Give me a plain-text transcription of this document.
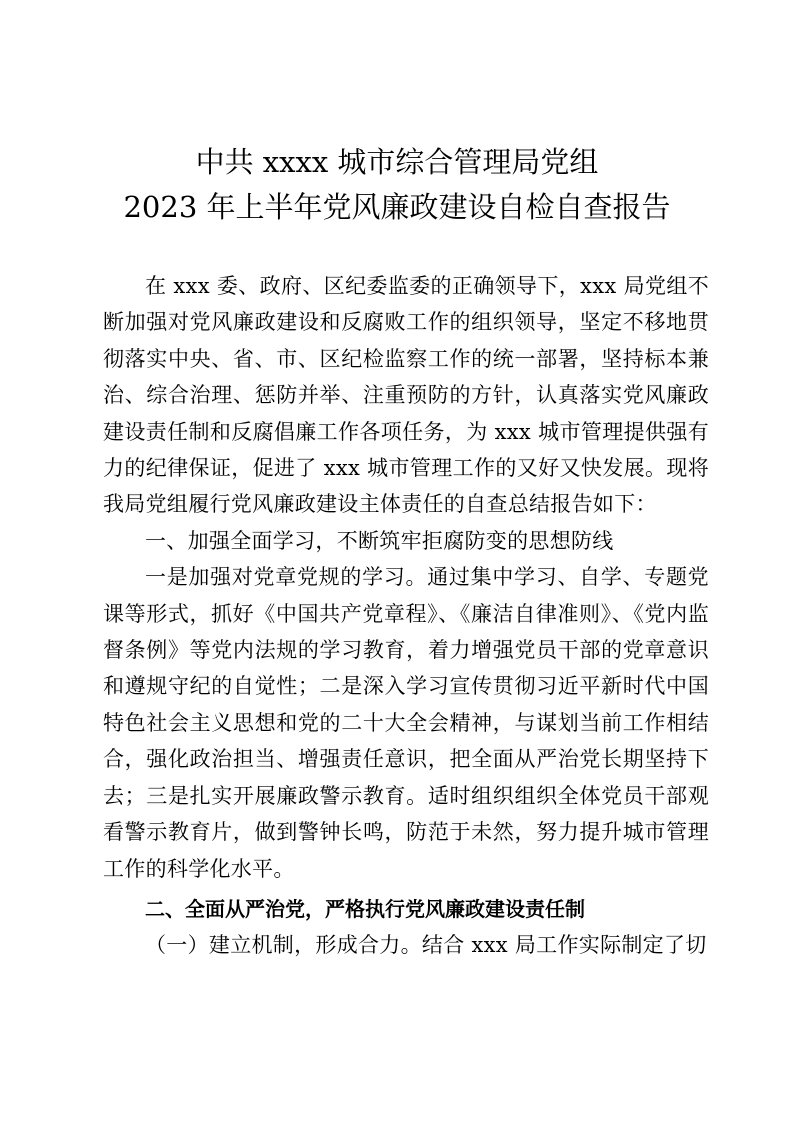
中共 xxxx 城市综合管理局党组
2023 年上半年党风廉政建设自检自查报告

在 xxx 委、政府、区纪委监委的正确领导下，xxx 局党组不断加强对党风廉政建设和反腐败工作的组织领导，坚定不移地贯彻落实中央、省、市、区纪检监察工作的统一部署，坚持标本兼治、综合治理、惩防并举、注重预防的方针，认真落实党风廉政建设责任制和反腐倡廉工作各项任务，为 xxx 城市管理提供强有力的纪律保证，促进了 xxx 城市管理工作的又好又快发展。现将我局党组履行党风廉政建设主体责任的自查总结报告如下：

一、加强全面学习，不断筑牢拒腐防变的思想防线

一是加强对党章党规的学习。通过集中学习、自学、专题党课等形式，抓好《中国共产党章程》、《廉洁自律准则》、《党内监督条例》等党内法规的学习教育，着力增强党员干部的党章意识和遵规守纪的自觉性；二是深入学习宣传贯彻习近平新时代中国特色社会主义思想和党的二十大全会精神，与谋划当前工作相结合，强化政治担当、增强责任意识，把全面从严治党长期坚持下去；三是扎实开展廉政警示教育。适时组织组织全体党员干部观看警示教育片，做到警钟长鸣，防范于未然，努力提升城市管理工作的科学化水平。

二、全面从严治党，严格执行党风廉政建设责任制

（一）建立机制，形成合力。结合 xxx 局工作实际制定了切
